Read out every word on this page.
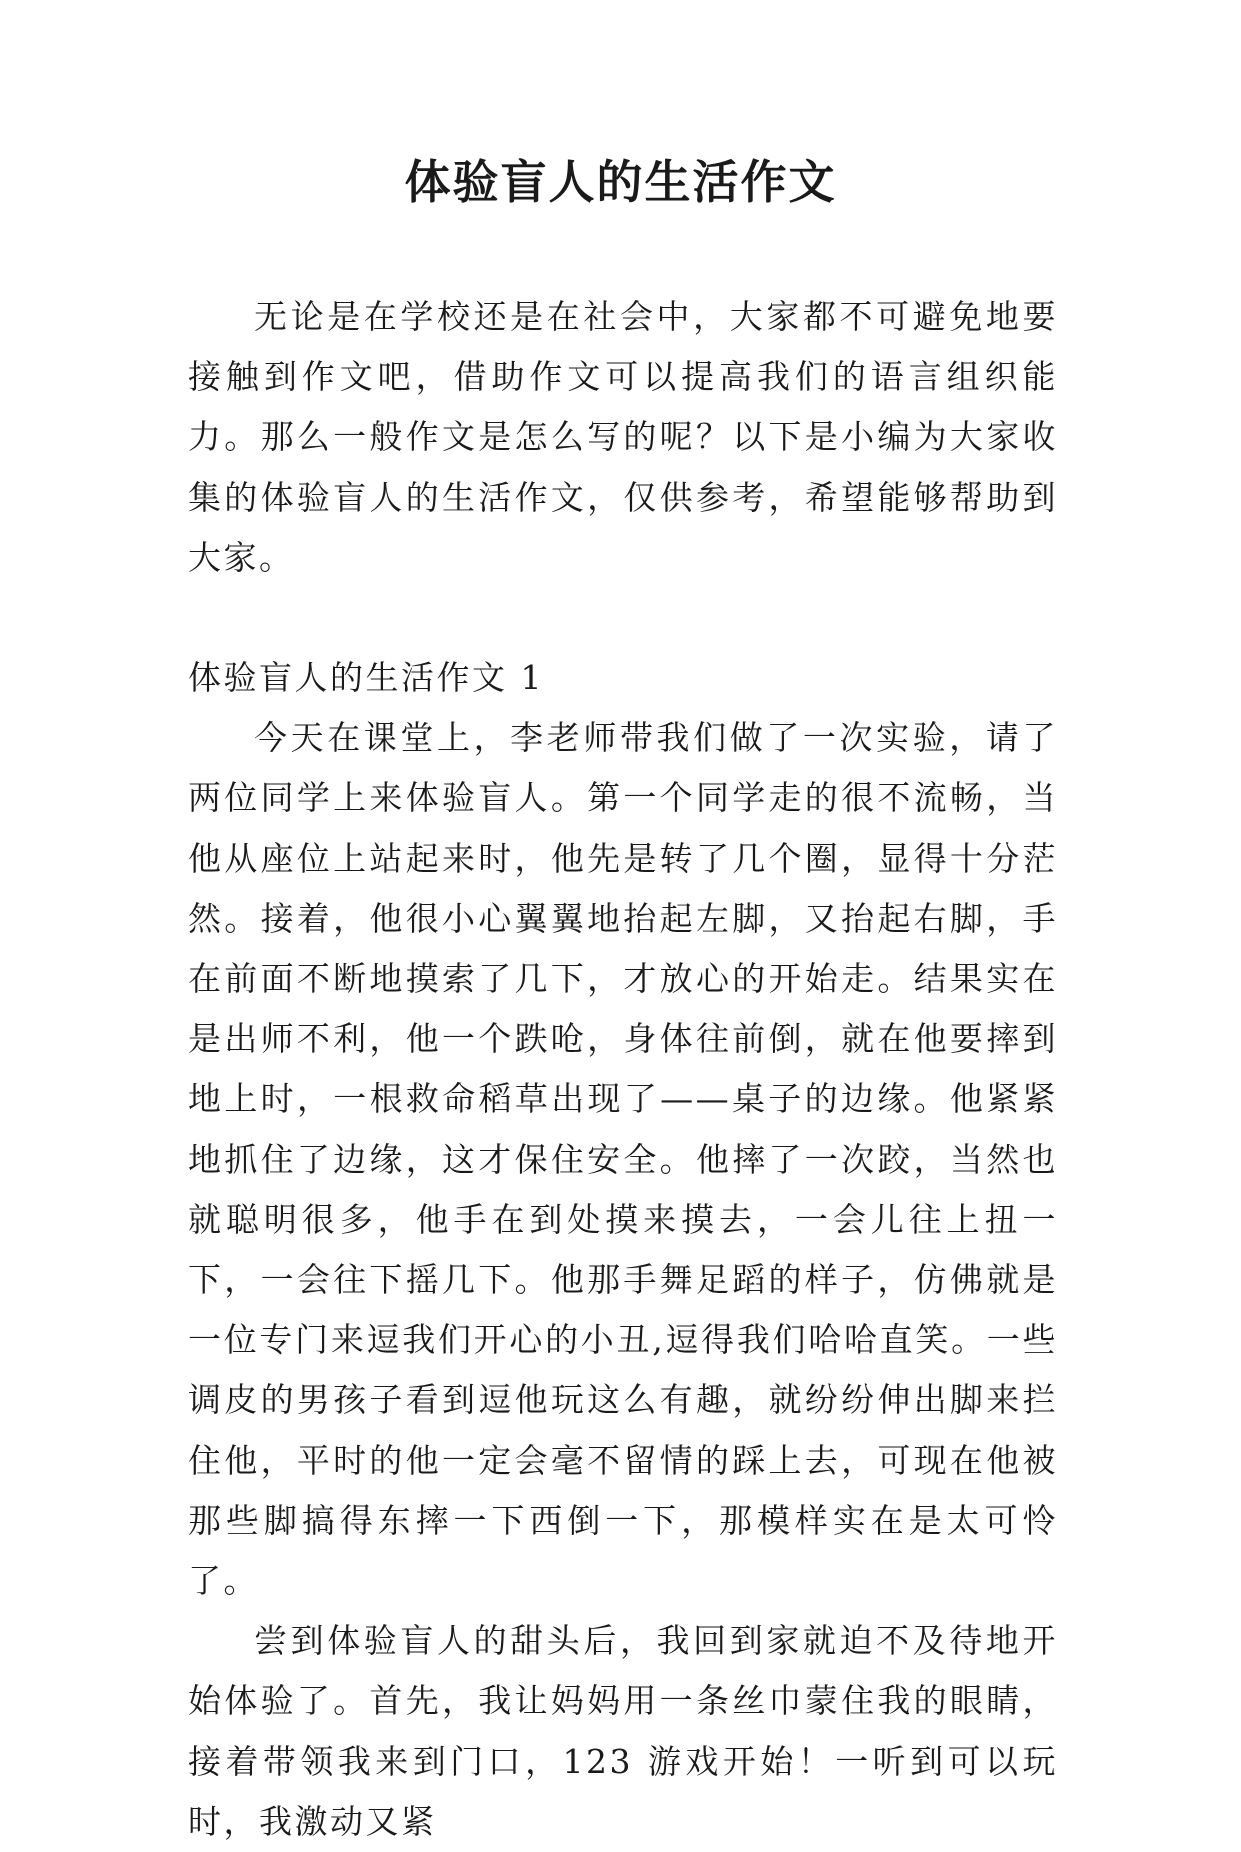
体验盲人的生活作文

无论是在学校还是在社会中，大家都不可避免地要接触到作文吧，借助作文可以提高我们的语言组织能力。那么一般作文是怎么写的呢？以下是小编为大家收集的体验盲人的生活作文，仅供参考，希望能够帮助到大家。

体验盲人的生活作文 1

今天在课堂上，李老师带我们做了一次实验，请了两位同学上来体验盲人。第一个同学走的很不流畅，当他从座位上站起来时，他先是转了几个圈，显得十分茫然。接着，他很小心翼翼地抬起左脚，又抬起右脚，手在前面不断地摸索了几下，才放心的开始走。结果实在是出师不利，他一个跌呛，身体往前倒，就在他要摔到地上时，一根救命稻草出现了——桌子的边缘。他紧紧地抓住了边缘，这才保住安全。他摔了一次跤，当然也就聪明很多，他手在到处摸来摸去，一会儿往上扭一下，一会往下摇几下。他那手舞足蹈的样子，仿佛就是一位专门来逗我们开心的小丑,逗得我们哈哈直笑。一些调皮的男孩子看到逗他玩这么有趣，就纷纷伸出脚来拦住他，平时的他一定会毫不留情的踩上去，可现在他被那些脚搞得东摔一下西倒一下，那模样实在是太可怜了。

尝到体验盲人的甜头后，我回到家就迫不及待地开始体验了。首先，我让妈妈用一条丝巾蒙住我的眼睛，接着带领我来到门口，123 游戏开始！一听到可以玩时，我激动又紧
